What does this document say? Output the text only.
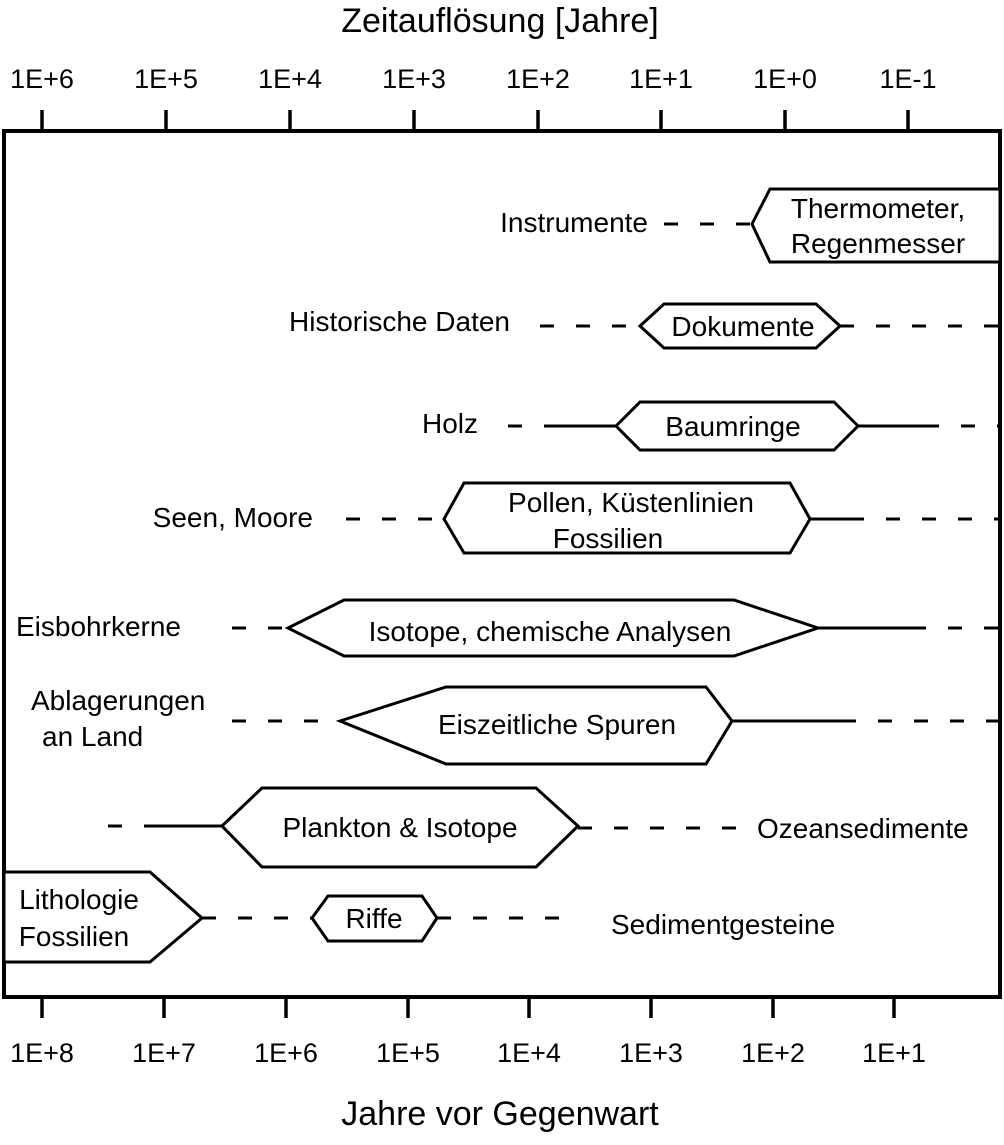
Zeitauflösung [Jahre]
1E+6 1E+5 1E+4 1E+3 1E+2 1E+1 1E+0 1E-1
1E+8 1E+7 1E+6 1E+5 1E+4 1E+3 1E+2 1E+1
Jahre vor Gegenwart
Instrumente	Thermometer,
Regenmesser
Historische Daten	Dokumente
Holz	Baumringe
Seen, Moore	Pollen, Küstenlinien
Fossilien
Eisbohrkerne	Isotope, chemische Analysen
Ablagerungen
an Land	Eiszeitliche Spuren
Plankton & Isotope	Ozeansedimente
Lithologie
Fossilien
Riffe	Sedimentgesteine
